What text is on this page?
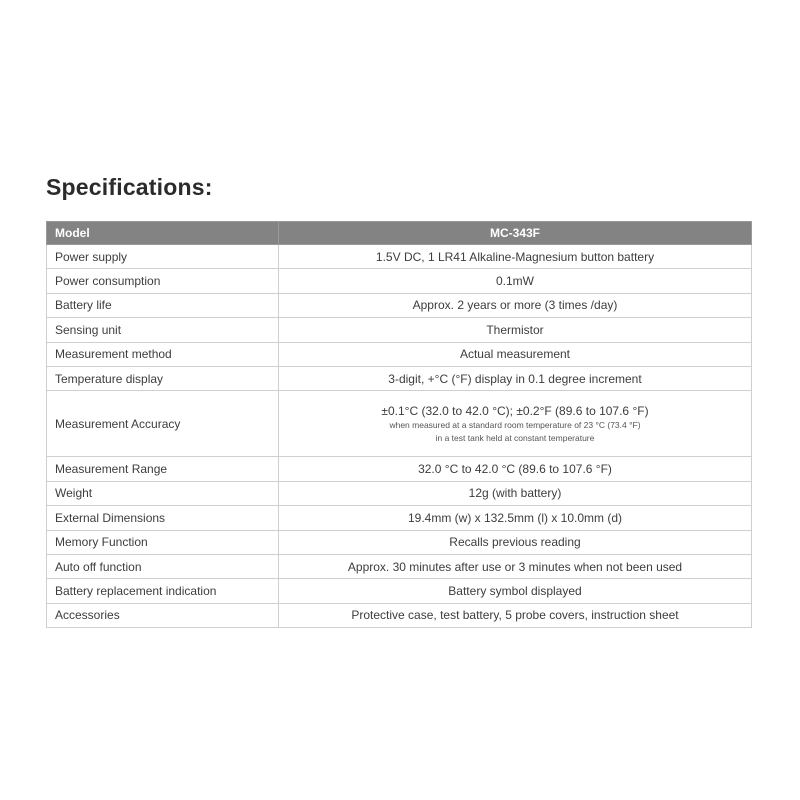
Specifications:
Model	MC-343F
Power supply	1.5V DC, 1 LR41 Alkaline-Magnesium button battery
Power consumption	0.1mW
Battery life	Approx. 2 years or more (3 times /day)
Sensing unit	Thermistor
Measurement method	Actual measurement
Temperature display	3-digit, +°C (°F) display in 0.1 degree increment
Measurement Accuracy	±0.1°C (32.0 to 42.0 °C); ±0.2°F (89.6 to 107.6 °F)
when measured at a standard room temperature of 23 °C (73.4 °F)
in a test tank held at constant temperature

Measurement Range	32.0 °C to 42.0 °C (89.6 to 107.6 °F)
Weight	12g (with battery)
External Dimensions	19.4mm (w) x 132.5mm (l) x 10.0mm (d)
Memory Function	Recalls previous reading
Auto off function	Approx. 30 minutes after use or 3 minutes when not been used
Battery replacement indication	Battery symbol displayed
Accessories	Protective case, test battery, 5 probe covers, instruction sheet
